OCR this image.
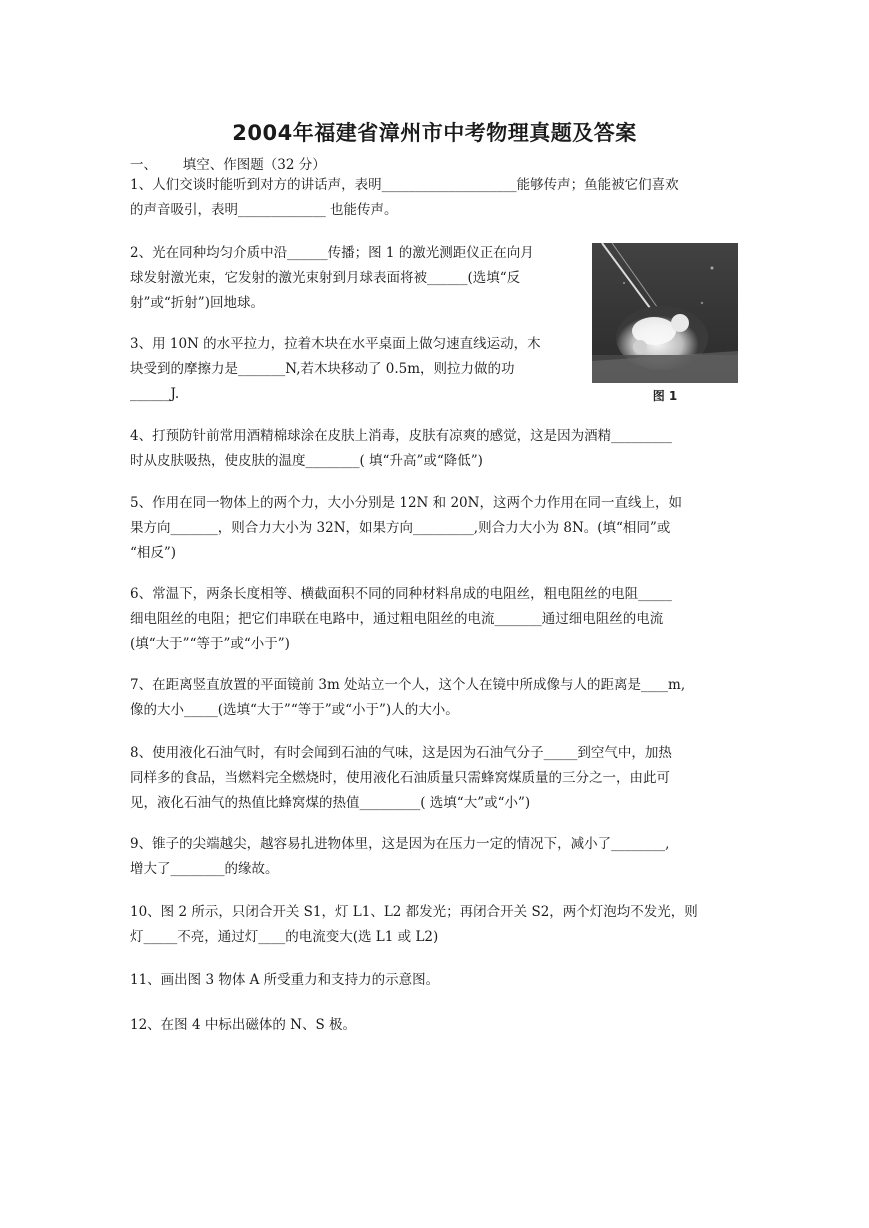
2004年福建省漳州市中考物理真题及答案
一、 填空、作图题（32 分）
1、人们交谈时能听到对方的讲话声，表明____________________能够传声；鱼能被它们喜欢
的声音吸引，表明_____________ 也能传声。
2、光在同种均匀介质中沿______传播；图 1 的激光测距仪正在向月
球发射激光束，它发射的激光束射到月球表面将被______(选填“反
射”或“折射”)回地球。
图 1
3、用 10N 的水平拉力，拉着木块在水平桌面上做匀速直线运动，木
块受到的摩擦力是_______N,若木块移动了 0.5m，则拉力做的功
______J.
4、打预防针前常用酒精棉球涂在皮肤上消毒，皮肤有凉爽的感觉，这是因为酒精_________
时从皮肤吸热，使皮肤的温度________( 填“升高”或“降低”)
5、作用在同一物体上的两个力，大小分别是 12N 和 20N，这两个力作用在同一直线上，如
果方向_______，则合力大小为 32N，如果方向_________,则合力大小为 8N。(填“相同”或
“相反”)
6、常温下，两条长度相等、横截面积不同的同种材料帛成的电阻丝，粗电阻丝的电阻_____
细电阻丝的电阻；把它们串联在电路中，通过粗电阻丝的电流_______通过细电阻丝的电流
(填“大于”“等于”或“小于”)
7、在距离竖直放置的平面镜前 3m 处站立一个人，这个人在镜中所成像与人的距离是____m,
像的大小_____(选填“大于”“等于”或“小于”)人的大小。
8、使用液化石油气时，有时会闻到石油的气味，这是因为石油气分子_____到空气中，加热
同样多的食品，当燃料完全燃烧时，使用液化石油质量只需蜂窝煤质量的三分之一，由此可
见，液化石油气的热值比蜂窝煤的热值_________( 选填“大”或“小”)
9、锥子的尖端越尖，越容易扎进物体里，这是因为在压力一定的情况下，减小了________,
增大了________的缘故。
10、图 2 所示，只闭合开关 S1，灯 L1、L2 都发光；再闭合开关 S2，两个灯泡均不发光，则
灯_____不亮，通过灯____的电流变大(选 L1 或 L2)
11、画出图 3 物体 A 所受重力和支持力的示意图。
12、在图 4 中标出磁体的 N、S 极。
